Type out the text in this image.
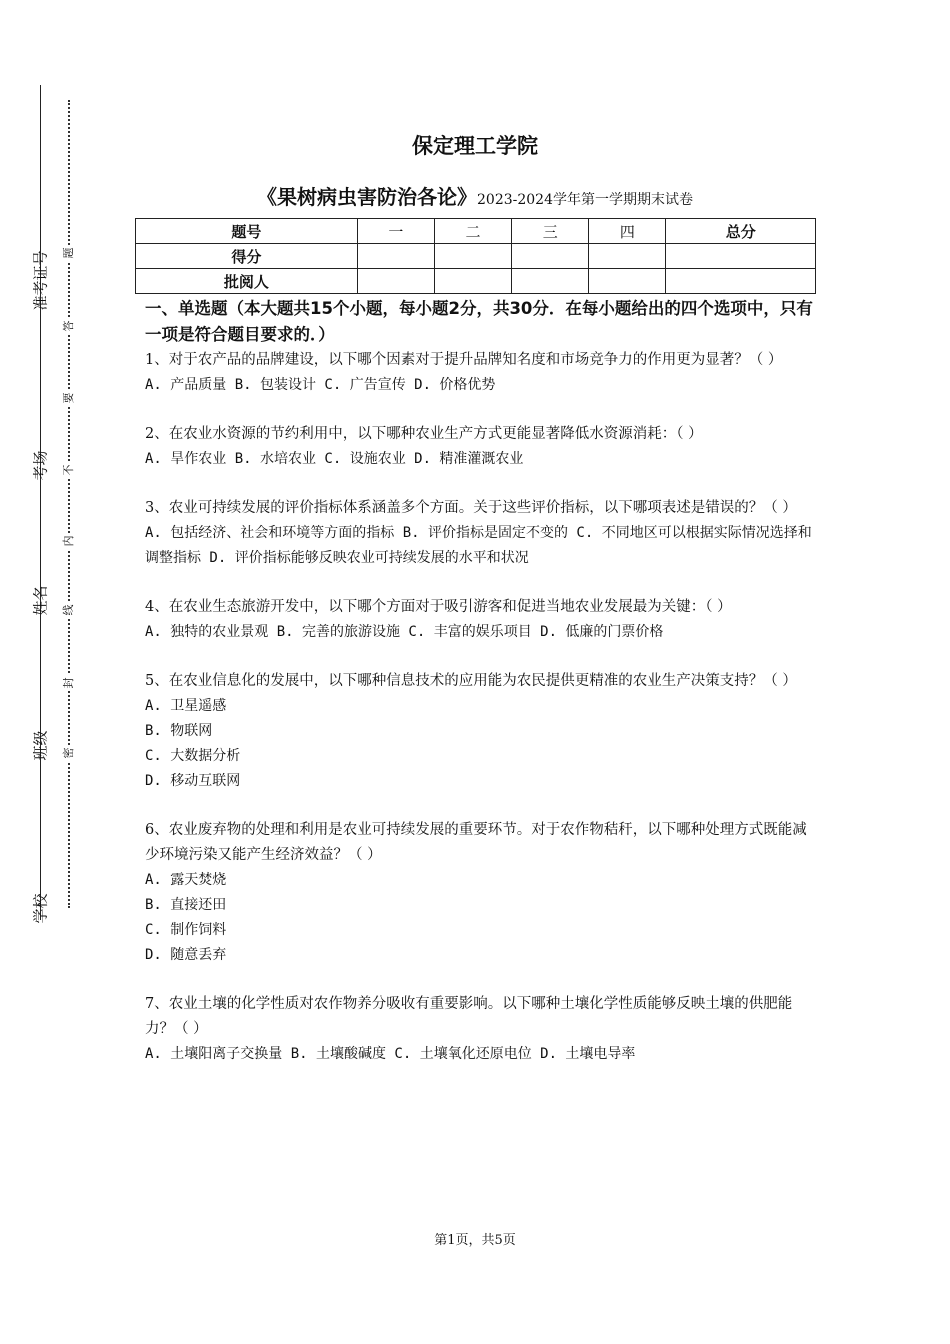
准考证号
考场
姓名
班级
学校
题
答
要
不
内
线
封
密
保定理工学院
《果树病虫害防治各论》2023-2024学年第一学期期末试卷
题号	一	二	三	四	总分
得分					
批阅人					
一、单选题（本大题共15个小题，每小题2分，共30分．在每小题给出的四个选项中，只有一项是符合题目要求的．）

1、对于农产品的品牌建设，以下哪个因素对于提升品牌知名度和市场竞争力的作用更为显著？（ ）

A. 产品质量 B. 包装设计 C. 广告宣传 D. 价格优势

2、在农业水资源的节约利用中，以下哪种农业生产方式更能显著降低水资源消耗：（ ）

A. 旱作农业 B. 水培农业 C. 设施农业 D. 精准灌溉农业

3、农业可持续发展的评价指标体系涵盖多个方面。关于这些评价指标，以下哪项表述是错误的？（ ）

A. 包括经济、社会和环境等方面的指标 B. 评价指标是固定不变的 C. 不同地区可以根据实际情况选择和调整指标 D. 评价指标能够反映农业可持续发展的水平和状况

4、在农业生态旅游开发中，以下哪个方面对于吸引游客和促进当地农业发展最为关键：（ ）

A. 独特的农业景观 B. 完善的旅游设施 C. 丰富的娱乐项目 D. 低廉的门票价格

5、在农业信息化的发展中，以下哪种信息技术的应用能为农民提供更精准的农业生产决策支持？（ ）

A. 卫星遥感

B. 物联网

C. 大数据分析

D. 移动互联网

6、农业废弃物的处理和利用是农业可持续发展的重要环节。对于农作物秸秆，以下哪种处理方式既能减少环境污染又能产生经济效益？（ ）

A. 露天焚烧

B. 直接还田

C. 制作饲料

D. 随意丢弃

7、农业土壤的化学性质对农作物养分吸收有重要影响。以下哪种土壤化学性质能够反映土壤的供肥能力？（ ）

A. 土壤阳离子交换量 B. 土壤酸碱度 C. 土壤氧化还原电位 D. 土壤电导率

第1页，共5页
